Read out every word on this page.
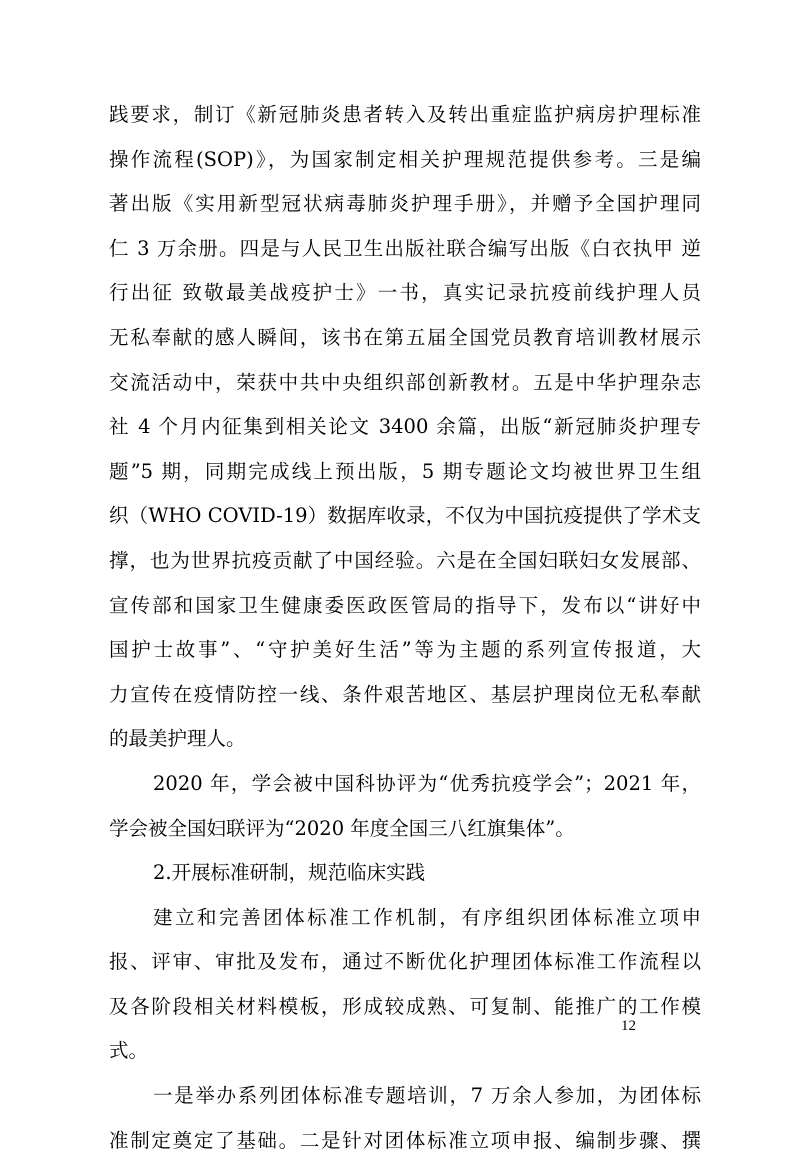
践要求，制订《新冠肺炎患者转入及转出重症监护病房护理标准
操作流程(SOP)》，为国家制定相关护理规范提供参考。三是编
著出版《实用新型冠状病毒肺炎护理手册》，并赠予全国护理同
仁 3 万余册。四是与人民卫生出版社联合编写出版《白衣执甲 逆
行出征 致敬最美战疫护士》一书，真实记录抗疫前线护理人员
无私奉献的感人瞬间，该书在第五届全国党员教育培训教材展示
交流活动中，荣获中共中央组织部创新教材。五是中华护理杂志
社 4 个月内征集到相关论文 3400 余篇，出版“新冠肺炎护理专
题”5 期，同期完成线上预出版，5 期专题论文均被世界卫生组
织（WHO COVID-19）数据库收录，不仅为中国抗疫提供了学术支
撑，也为世界抗疫贡献了中国经验。六是在全国妇联妇女发展部、
宣传部和国家卫生健康委医政医管局的指导下，发布以“讲好中
国护士故事”、“守护美好生活”等为主题的系列宣传报道，大
力宣传在疫情防控一线、条件艰苦地区、基层护理岗位无私奉献
的最美护理人。

2020 年，学会被中国科协评为“优秀抗疫学会”；2021 年，
学会被全国妇联评为“2020 年度全国三八红旗集体”。

2.开展标准研制，规范临床实践

建立和完善团体标准工作机制，有序组织团体标准立项申
报、评审、审批及发布，通过不断优化护理团体标准工作流程以
及各阶段相关材料模板，形成较成熟、可复制、能推广的工作模
式。

一是举办系列团体标准专题培训，7 万余人参加，为团体标
准制定奠定了基础。二是针对团体标准立项申报、编制步骤、撰

12
